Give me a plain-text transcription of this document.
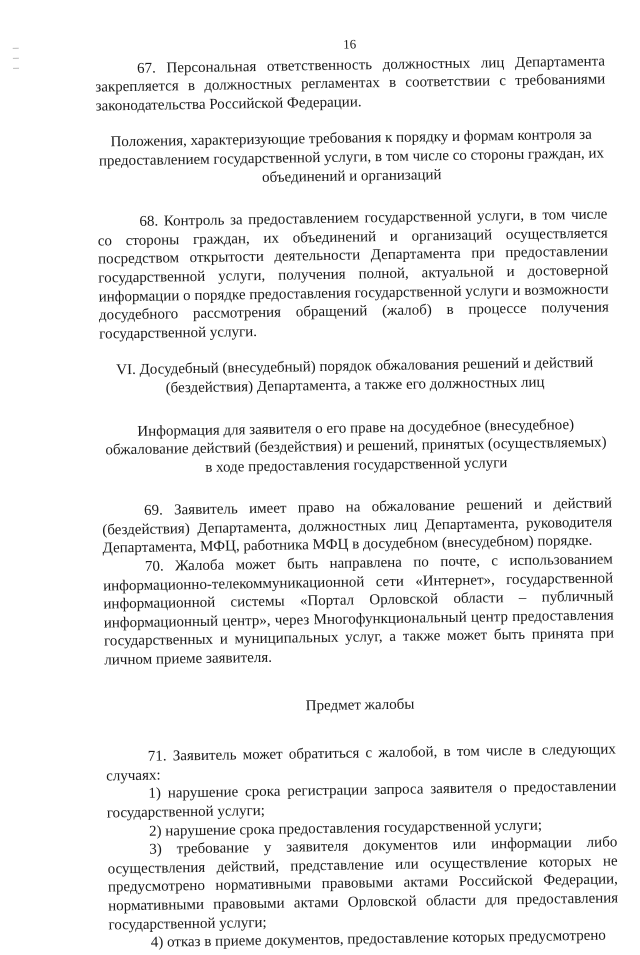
16

67. Персональная ответственность должностных лиц Департамента закрепляется в должностных регламентах в соответствии с требованиями законодательства Российской Федерации.

Положения, характеризующие требования к порядку и формам контроля за предоставлением государственной услуги, в том числе со стороны граждан, их объединений и организаций

68. Контроль за предоставлением государственной услуги, в том числе со стороны граждан, их объединений и организаций осуществляется посредством открытости деятельности Департамента при предоставлении государственной услуги, получения полной, актуальной и достоверной информации о порядке предоставления государственной услуги и возможности досудебного рассмотрения обращений (жалоб) в процессе получения государственной услуги.

VI. Досудебный (внесудебный) порядок обжалования решений и действий (бездействия) Департамента, а также его должностных лиц

Информация для заявителя о его праве на досудебное (внесудебное) обжалование действий (бездействия) и решений, принятых (осуществляемых) в ходе предоставления государственной услуги

69. Заявитель имеет право на обжалование решений и действий (бездействия) Департамента, должностных лиц Департамента, руководителя Департамента, МФЦ, работника МФЦ в досудебном (внесудебном) порядке.

70. Жалоба может быть направлена по почте, с использованием информационно-телекоммуникационной сети «Интернет», государственной информационной системы «Портал Орловской области – публичный информационный центр», через Многофункциональный центр предоставления государственных и муниципальных услуг, а также может быть принята при личном приеме заявителя.

Предмет жалобы

71. Заявитель может обратиться с жалобой, в том числе в следующих случаях:

1) нарушение срока регистрации запроса заявителя о предоставлении государственной услуги;

2) нарушение срока предоставления государственной услуги;

3) требование у заявителя документов или информации либо осуществления действий, представление или осуществление которых не предусмотрено нормативными правовыми актами Российской Федерации, нормативными правовыми актами Орловской области для предоставления государственной услуги;

4) отказ в приеме документов, предоставление которых предусмотрено
